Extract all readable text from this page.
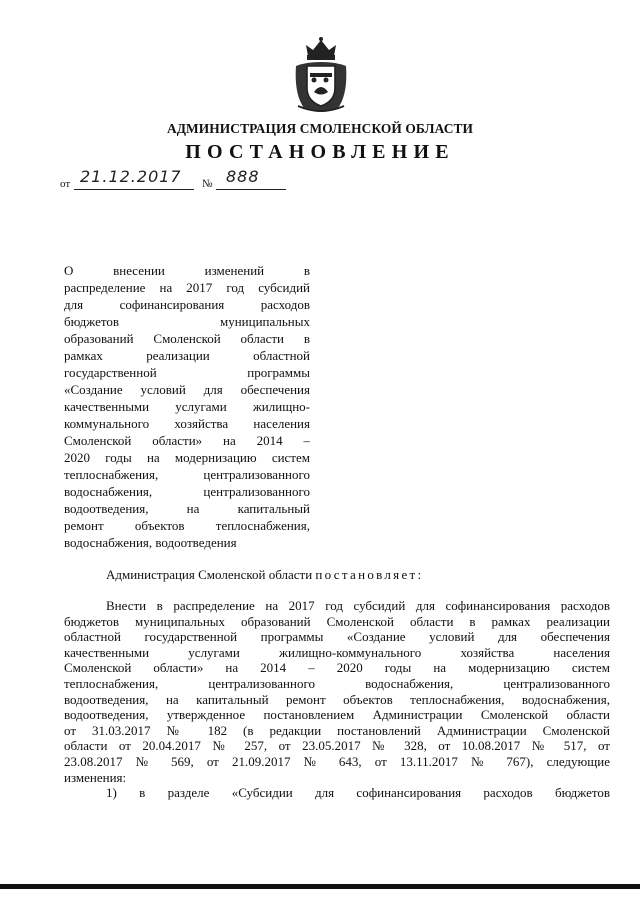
АДМИНИСТРАЦИЯ СМОЛЕНСКОЙ ОБЛАСТИ
ПОСТАНОВЛЕНИЕ
от 21.12.2017 № 888
О внесении изменений в
распределение на 2017 год субсидий
для софинансирования расходов
бюджетов муниципальных
образований Смоленской области в
рамках реализации областной
государственной программы
«Создание условий для обеспечения
качественными услугами жилищно-
коммунального хозяйства населения
Смоленской области» на 2014 –
2020 годы на модернизацию систем
теплоснабжения, централизованного
водоснабжения, централизованного
водоотведения, на капитальный
ремонт объектов теплоснабжения,
водоснабжения, водоотведения
Администрация Смоленской области постановляет:
Внести в распределение на 2017 год субсидий для софинансирования расходов
бюджетов муниципальных образований Смоленской области в рамках реализации
областной государственной программы «Создание условий для обеспечения
качественными услугами жилищно-коммунального хозяйства населения
Смоленской области» на 2014 – 2020 годы на модернизацию систем
теплоснабжения, централизованного водоснабжения, централизованного
водоотведения, на капитальный ремонт объектов теплоснабжения, водоснабжения,
водоотведения, утвержденное постановлением Администрации Смоленской области
от 31.03.2017 № 182 (в редакции постановлений Администрации Смоленской
области от 20.04.2017 № 257, от 23.05.2017 № 328, от 10.08.2017 № 517, от
23.08.2017 № 569, от 21.09.2017 № 643, от 13.11.2017 № 767), следующие
изменения:
1) в разделе «Субсидии для софинансирования расходов бюджетов
